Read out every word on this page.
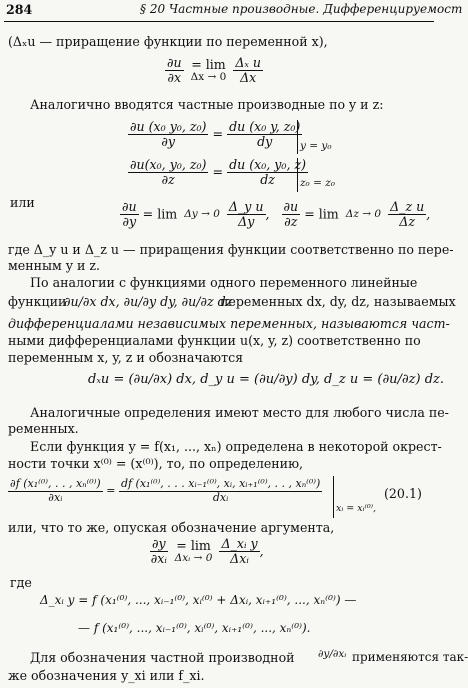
284	§ 20 Частные производные. Дифференцируемост
(Δₓu — приращение функции по переменной x),
$\frac{\partial u}{\partial x}$
= lim
Δx → 0
$\frac{\text{Δₓ u}}{\Delta x}$
Аналогично вводятся частные производные по y и z:
$\frac{\text{∂u (x₀ y₀, z₀)}}{\partial y} = \frac{\text{du (x₀ y, z₀)}}{dy}$
y = y₀
$\frac{\text{∂u(x₀, y₀, z₀)}}{\partial z} = \frac{\text{du (x₀, y₀, z)}}{dz}$
z₀ = z₀
или	$\frac{\partial u}{\partial y} = \lim \Delta y \to 0$
$\frac{\text{Δ\_y u}}{\Delta y}$ , $\frac{\partial u}{\partial z} = \lim \Delta z \to 0$
$\frac{\text{Δ\_z u}}{\Delta z}$ ,
где Δ_y u и Δ_z u — приращения функции соответственно по пере-
менным y и z.
По аналогии с функциями одного переменного линейные
функции
∂u/∂x dx, ∂u/∂y dy, ∂u/∂z dz
переменных dx, dy, dz, называемых
дифференциалами независимых переменных, называются част-
ными дифференциалами функции u(x, y, z) соответственно по
переменным x, y, z и обозначаются
dₓu = (∂u/∂x) dx, d_y u = (∂u/∂y) dy, d_z u = (∂u/∂z) dz.
Аналогичные определения имеют место для любого числа пе-
ременных.
Если функция y = f(x₁, ..., xₙ) определена в некоторой окрест-
ности точки x⁽⁰⁾ = (x⁽⁰⁾), то, по определению,
$\frac{\text{∂f (x₁⁽⁰⁾, . . , xₙ⁽⁰⁾)}}{\text{∂xᵢ}} = \frac{\text{df (x₁⁽⁰⁾, . . . xᵢ₋₁⁽⁰⁾, xᵢ, xᵢ₊₁⁽⁰⁾, . . , xₙ⁽⁰⁾)}}{\text{dxᵢ}}$
xᵢ = xᵢ⁽⁰⁾,
(20.1)
или, что то же, опуская обозначение аргумента,
$\frac{\partial y}{\text{∂xᵢ}}$
= lim
Δxᵢ → 0
$\frac{\text{Δ\_xᵢ y}}{\text{Δxᵢ}}$ ,
где
Δ_xᵢ y = f (x₁⁽⁰⁾, ..., xᵢ₋₁⁽⁰⁾, xᵢ⁽⁰⁾ + Δxᵢ, xᵢ₊₁⁽⁰⁾, ..., xₙ⁽⁰⁾) —
— f (x₁⁽⁰⁾, ..., xᵢ₋₁⁽⁰⁾, xᵢ⁽⁰⁾, xᵢ₊₁⁽⁰⁾, ..., xₙ⁽⁰⁾).
Для обозначения частной производной ∂y/∂xᵢ применяются так-
же обозначения y_xi или f_xi.
